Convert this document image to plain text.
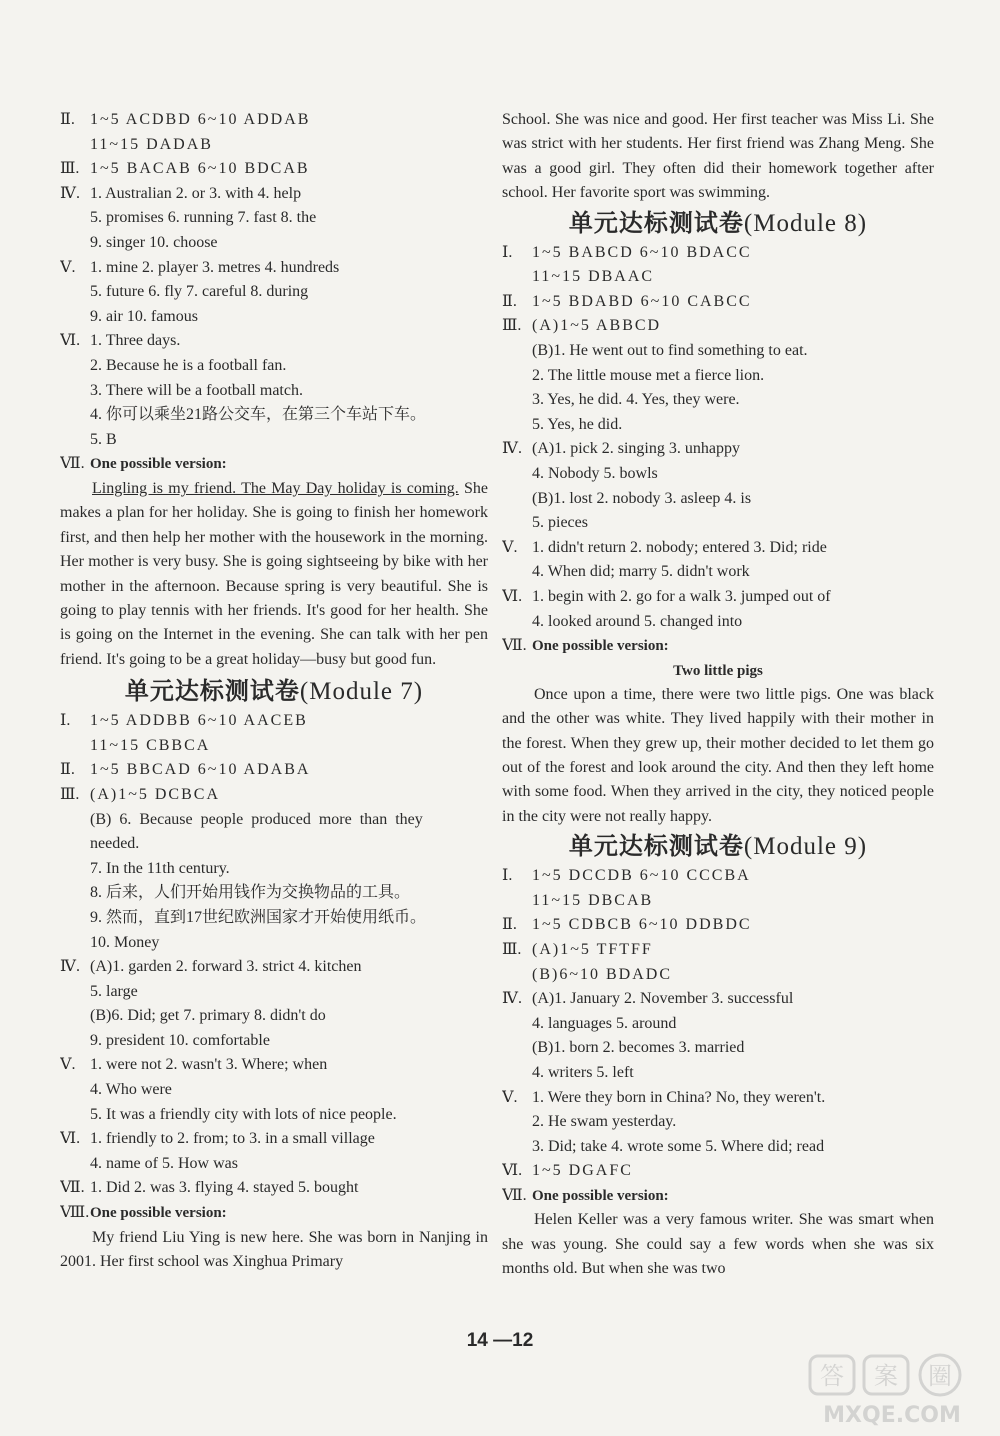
Ⅱ. 1~5 ACDBD 6~10 ADDAB
11~15 DADAB
Ⅲ. 1~5 BACAB 6~10 BDCAB
Ⅳ. 1. Australian 2. or 3. with 4. help
5. promises 6. running 7. fast 8. the
9. singer 10. choose
Ⅴ. 1. mine 2. player 3. metres 4. hundreds
5. future 6. fly 7. careful 8. during
9. air 10. famous
Ⅵ. 1. Three days.
2. Because he is a football fan.
3. There will be a football match.
4. 你可以乘坐21路公交车，在第三个车站下车。
5. B
Ⅶ. One possible version:

Lingling is my friend. The May Day holiday is coming. She makes a plan for her holiday. She is going to finish her homework first, and then help her mother with the housework in the morning. Her mother is very busy. She is going sightseeing by bike with her mother in the afternoon. Because spring is very beautiful. She is going to play tennis with her friends. It's good for her health. She is going on the Internet in the evening. She can talk with her pen friend. It's going to be a great holiday—busy but good fun.

单元达标测试卷(Module 7)
Ⅰ. 1~5 ADDBB 6~10 AACEB
11~15 CBBCA
Ⅱ. 1~5 BBCAD 6~10 ADABA
Ⅲ. (A)1~5 DCBCA
(B) 6. Because people produced more than they
needed.
7. In the 11th century.
8. 后来，人们开始用钱作为交换物品的工具。
9. 然而，直到17世纪欧洲国家才开始使用纸币。
10. Money
Ⅳ. (A)1. garden 2. forward 3. strict 4. kitchen
5. large
(B)6. Did; get 7. primary 8. didn't do
9. president 10. comfortable
Ⅴ. 1. were not 2. wasn't 3. Where; when
4. Who were
5. It was a friendly city with lots of nice people.
Ⅵ. 1. friendly to 2. from; to 3. in a small village
4. name of 5. How was
Ⅶ. 1. Did 2. was 3. flying 4. stayed 5. bought
Ⅷ.One possible version:

My friend Liu Ying is new here. She was born in Nanjing in 2001. Her first school was Xinghua Primary

School. She was nice and good. Her first teacher was Miss Li. She was strict with her students. Her first friend was Zhang Meng. She was a good girl. They often did their homework together after school. Her favorite sport was swimming.

单元达标测试卷(Module 8)
Ⅰ. 1~5 BABCD 6~10 BDACC
11~15 DBAAC
Ⅱ. 1~5 BDABD 6~10 CABCC
Ⅲ. (A)1~5 ABBCD
(B)1. He went out to find something to eat.
2. The little mouse met a fierce lion.
3. Yes, he did. 4. Yes, they were.
5. Yes, he did.
Ⅳ. (A)1. pick 2. singing 3. unhappy
4. Nobody 5. bowls
(B)1. lost 2. nobody 3. asleep 4. is
5. pieces
Ⅴ. 1. didn't return 2. nobody; entered 3. Did; ride
4. When did; marry 5. didn't work
Ⅵ. 1. begin with 2. go for a walk 3. jumped out of
4. looked around 5. changed into
Ⅶ. One possible version:
Two little pigs

Once upon a time, there were two little pigs. One was black and the other was white. They lived happily with their mother in the forest. When they grew up, their mother decided to let them go out of the forest and look around the city. And then they left home with some food. When they arrived in the city, they noticed people in the city were not really happy.

单元达标测试卷(Module 9)
Ⅰ. 1~5 DCCDB 6~10 CCCBA
11~15 DBCAB
Ⅱ. 1~5 CDBCB 6~10 DDBDC
Ⅲ. (A)1~5 TFTFF
(B)6~10 BDADC
Ⅳ. (A)1. January 2. November 3. successful
4. languages 5. around
(B)1. born 2. becomes 3. married
4. writers 5. left
Ⅴ. 1. Were they born in China? No, they weren't.
2. He swam yesterday.
3. Did; take 4. wrote some 5. Where did; read
Ⅵ. 1~5 DGAFC
Ⅶ. One possible version:

Helen Keller was a very famous writer. She was smart when she was young. She could say a few words when she was six months old. But when she was two

14 —12
答 案 圈
MXQE.COM
